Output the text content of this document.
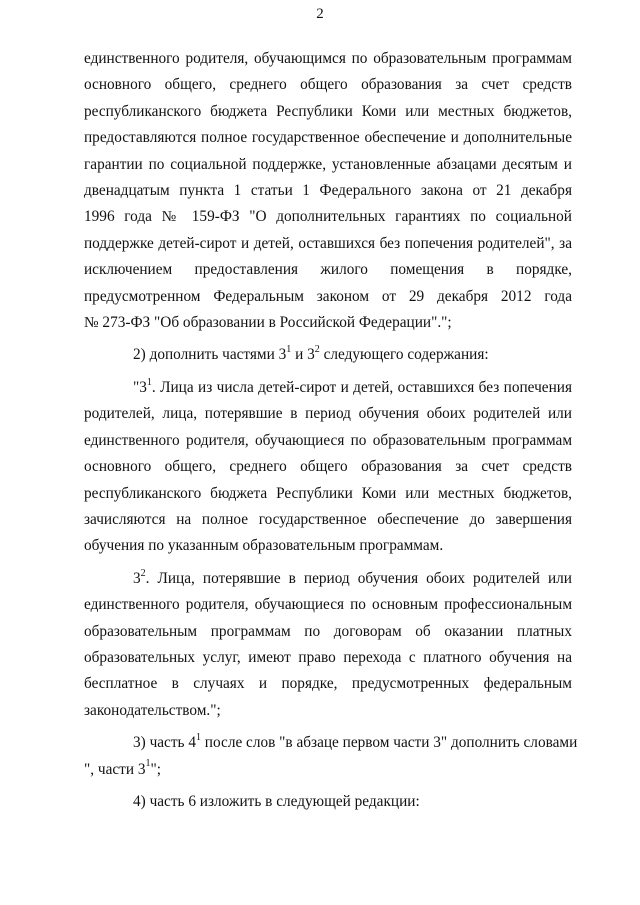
2

единственного родителя, обучающимся по образовательным программам

основного общего, среднего общего образования за счет средств

республиканского бюджета Республики Коми или местных бюджетов,

предоставляются полное государственное обеспечение и дополнительные

гарантии по социальной поддержке, установленные абзацами десятым и

двенадцатым пункта 1 статьи 1 Федерального закона от 21 декабря

1996 года № 159-ФЗ "О дополнительных гарантиях по социальной

поддержке детей-сирот и детей, оставшихся без попечения родителей", за

исключением предоставления жилого помещения в порядке,

предусмотренном Федеральным законом от 29 декабря 2012 года

№ 273-ФЗ "Об образовании в Российской Федерации".";

2) дополнить частями $3^1$ и $3^2$ следующего содержания:

"$3^1$. Лица из числа детей-сирот и детей, оставшихся без попечения

родителей, лица, потерявшие в период обучения обоих родителей или

единственного родителя, обучающиеся по образовательным программам

основного общего, среднего общего образования за счет средств

республиканского бюджета Республики Коми или местных бюджетов,

зачисляются на полное государственное обеспечение до завершения

обучения по указанным образовательным программам.

$3^2$. Лица, потерявшие в период обучения обоих родителей или

единственного родителя, обучающиеся по основным профессиональным

образовательным программам по договорам об оказании платных

образовательных услуг, имеют право перехода с платного обучения на

бесплатное в случаях и порядке, предусмотренных федеральным

законодательством.";

3) часть $4^1$ после слов "в абзаце первом части 3" дополнить словами

", части $3^1$";

4) часть 6 изложить в следующей редакции:
